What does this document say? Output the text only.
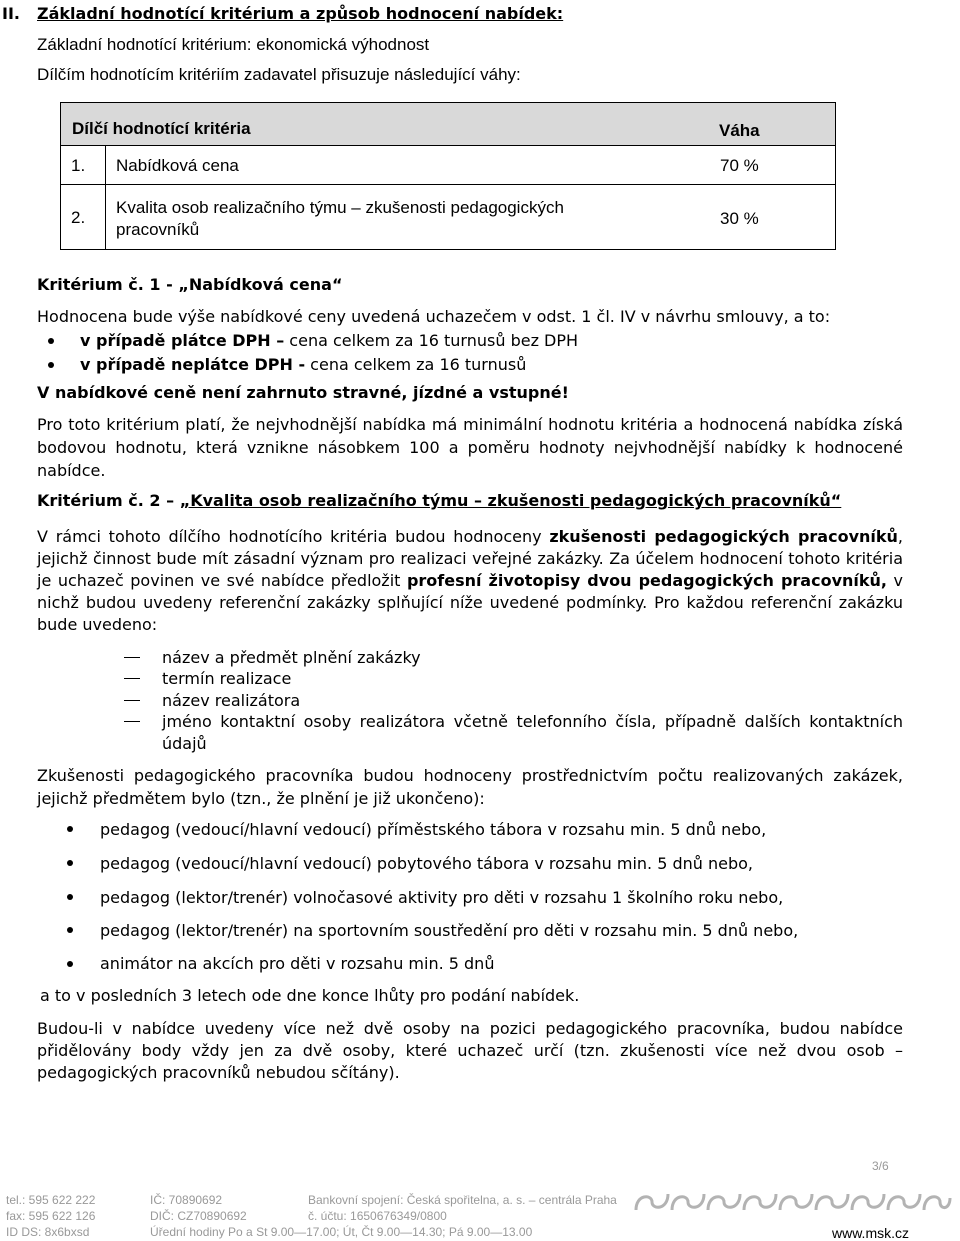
II. Základní hodnotící kritérium a způsob hodnocení nabídek:
Základní hodnotící kritérium: ekonomická výhodnost
Dílčím hodnotícím kritériím zadavatel přisuzuje následující váhy:
Dílčí hodnotící kritéria	Váha
1. Nabídková cena	70 %
2.
Kvalita osob realizačního týmu – zkušenosti pedagogických
pracovníků
30 %
Kritérium č. 1 - „Nabídková cena“
Hodnocena bude výše nabídkové ceny uvedená uchazečem v odst. 1 čl. IV v návrhu smlouvy, a to:
v případě plátce DPH – cena celkem za 16 turnusů bez DPH
v případě neplátce DPH - cena celkem za 16 turnusů
V nabídkové ceně není zahrnuto stravné, jízdné a vstupné!
Pro toto kritérium platí, že nejvhodnější nabídka má minimální hodnotu kritéria a hodnocená nabídka získá
bodovou hodnotu, která vznikne násobkem 100 a poměru hodnoty nejvhodnější nabídky k hodnocené
nabídce.
Kritérium č. 2 – „Kvalita osob realizačního týmu – zkušenosti pedagogických pracovníků“
V rámci tohoto dílčího hodnotícího kritéria budou hodnoceny zkušenosti pedagogických pracovníků,
jejichž činnost bude mít zásadní význam pro realizaci veřejné zakázky. Za účelem hodnocení tohoto kritéria
je uchazeč povinen ve své nabídce předložit profesní životopisy dvou pedagogických pracovníků, v
nichž budou uvedeny referenční zakázky splňující níže uvedené podmínky. Pro každou referenční zakázku
bude uvedeno:
název a předmět plnění zakázky
termín realizace
název realizátora
jméno kontaktní osoby realizátora včetně telefonního čísla, případně dalších kontaktních
údajů
Zkušenosti pedagogického pracovníka budou hodnoceny prostřednictvím počtu realizovaných zakázek,
jejichž předmětem bylo (tzn., že plnění je již ukončeno):
pedagog (vedoucí/hlavní vedoucí) příměstského tábora v rozsahu min. 5 dnů nebo,
pedagog (vedoucí/hlavní vedoucí) pobytového tábora v rozsahu min. 5 dnů nebo,
pedagog (lektor/trenér) volnočasové aktivity pro děti v rozsahu 1 školního roku nebo,
pedagog (lektor/trenér) na sportovním soustředění pro děti v rozsahu min. 5 dnů nebo,
animátor na akcích pro děti v rozsahu min. 5 dnů
a to v posledních 3 letech ode dne konce lhůty pro podání nabídek.
Budou-li v nabídce uvedeny více než dvě osoby na pozici pedagogického pracovníka, budou nabídce
přidělovány body vždy jen za dvě osoby, které uchazeč určí (tzn. zkušenosti více než dvou osob –
pedagogických pracovníků nebudou sčítány).
3/6
tel.: 595 622 222
fax: 595 622 126
ID DS: 8x6bxsd
IČ: 70890692
DIČ: CZ70890692
Úřední hodiny Po a St 9.00—17.00; Út, Čt 9.00—14.30; Pá 9.00—13.00
Bankovní spojení: Česká spořitelna, a. s. – centrála Praha
č. účtu: 1650676349/0800
www.msk.cz
